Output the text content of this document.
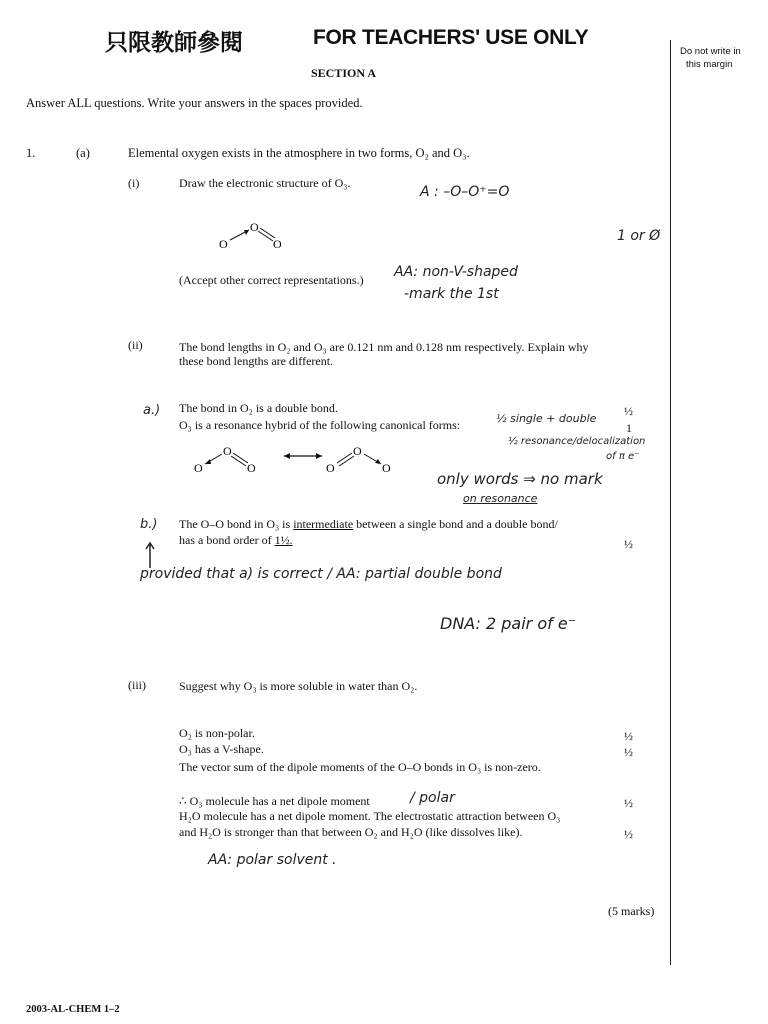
只限教師參閱	FOR TEACHERS' USE ONLY
Do not write in
this margin
SECTION A
Answer ALL questions. Write your answers in the spaces provided.
1.	(a)	Elemental oxygen exists in the atmosphere in two forms, O₂ and O₃.
(i)	Draw the electronic structure of O₃.
A : –O–O⁺=O
O
O
O	1 or Ø
(Accept other correct representations.) AA: non-V-shaped
-mark the 1st
(ii)	The bond lengths in O₂ and O₃ are 0.121 nm and 0.128 nm respectively. Explain why
these bond lengths are different.
a.) The bond in O₂ is a double bond.
O₃ is a resonance hybrid of the following canonical forms:
½
1
½ single + double
½ resonance/delocalization
of π e⁻
O
O
O	O
O
O
only words ⇒ no mark
on resonance
b.) The O–O bond in O₃ is intermediate between a single bond and a double bond/
has a bond order of 1½.	½
provided that a) is correct / AA: partial double bond
DNA: 2 pair of e⁻
(iii)	Suggest why O₃ is more soluble in water than O₂.
O₂ is non-polar.
O₃ has a V-shape.
The vector sum of the dipole moments of the O–O bonds in O₃ is non-zero.
½
½
∴ O₃ molecule has a net dipole moment	/ polar	½
H₂O molecule has a net dipole moment. The electrostatic attraction between O₃
and H₂O is stronger than that between O₂ and H₂O (like dissolves like).	½
AA: polar solvent .
(5 marks)
2003-AL-CHEM 1–2
